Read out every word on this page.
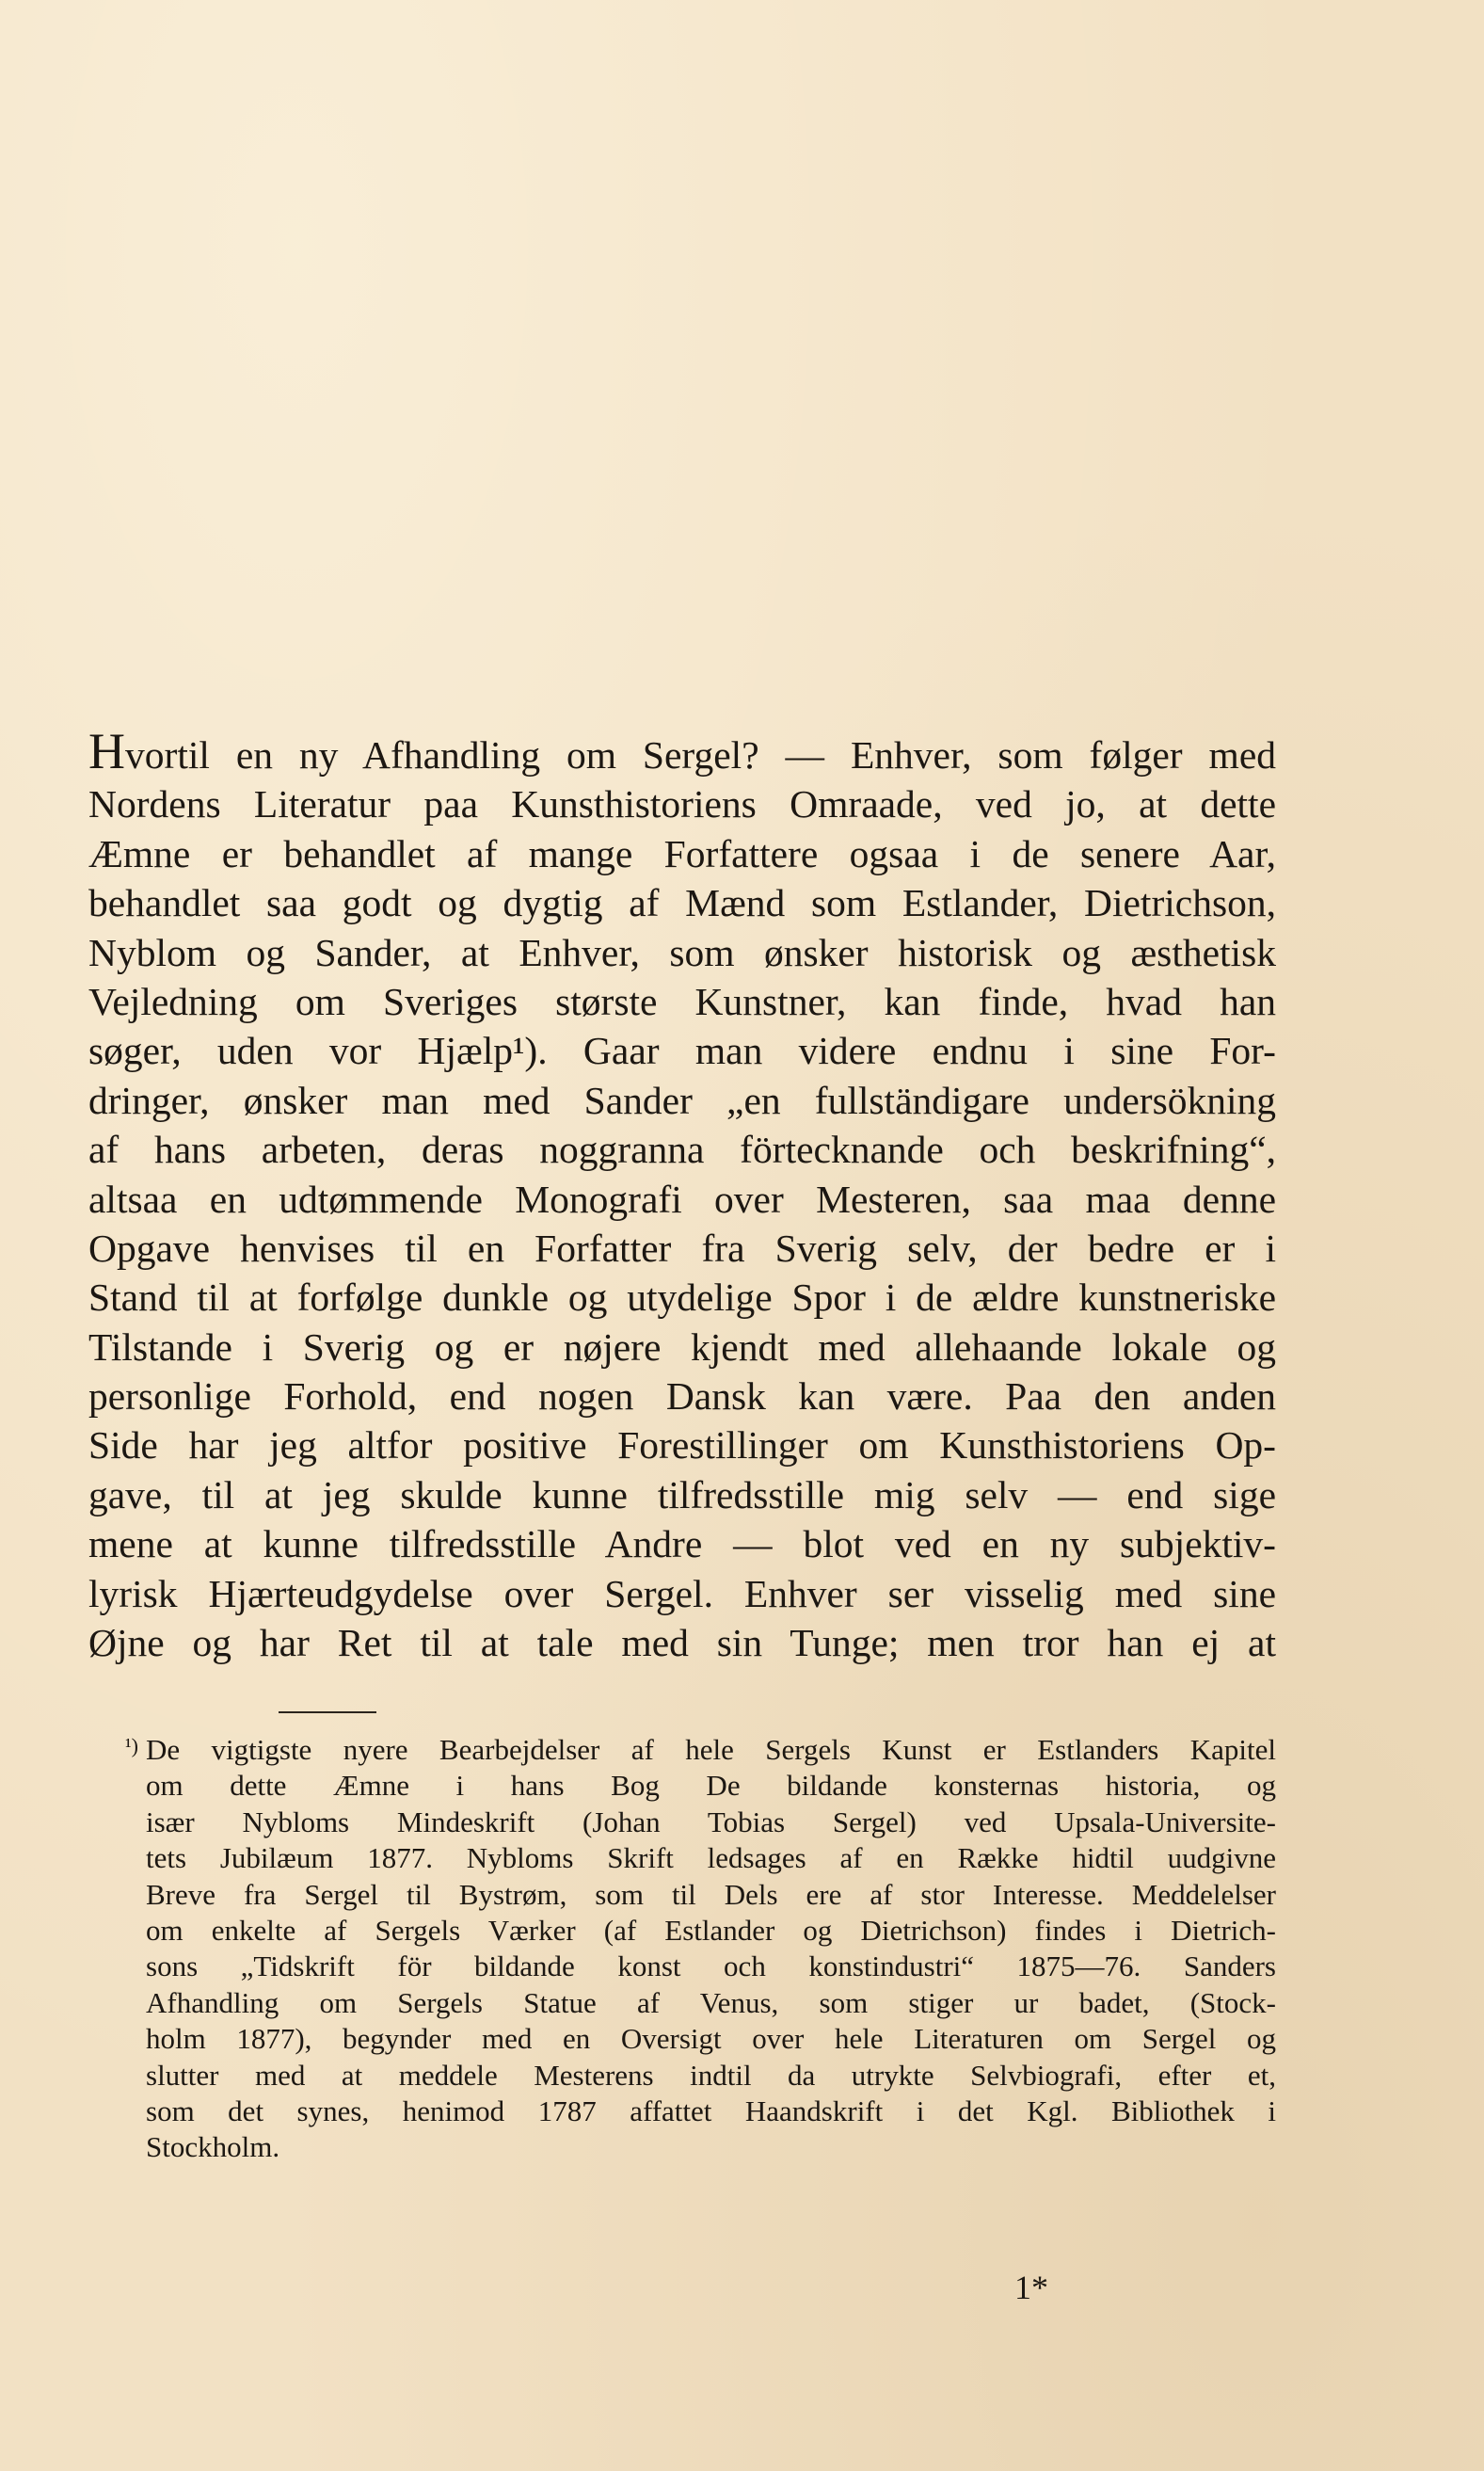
Hvortil en ny Afhandling om Sergel? — Enhver, som følger med
Nordens Literatur paa Kunsthistoriens Omraade, ved jo, at dette
Æmne er behandlet af mange Forfattere ogsaa i de senere Aar,
behandlet saa godt og dygtig af Mænd som Estlander, Dietrichson,
Nyblom og Sander, at Enhver, som ønsker historisk og æsthetisk
Vejledning om Sveriges største Kunstner, kan finde, hvad han
søger, uden vor Hjælp¹). Gaar man videre endnu i sine For-
dringer, ønsker man med Sander „en fullständigare undersökning
af hans arbeten, deras noggranna förtecknande och beskrifning“,
altsaa en udtømmende Monografi over Mesteren, saa maa denne
Opgave henvises til en Forfatter fra Sverig selv, der bedre er i
Stand til at forfølge dunkle og utydelige Spor i de ældre kunstneriske
Tilstande i Sverig og er nøjere kjendt med allehaande lokale og
personlige Forhold, end nogen Dansk kan være. Paa den anden
Side har jeg altfor positive Forestillinger om Kunsthistoriens Op-
gave, til at jeg skulde kunne tilfredsstille mig selv — end sige
mene at kunne tilfredsstille Andre — blot ved en ny subjektiv-
lyrisk Hjærteudgydelse over Sergel. Enhver ser visselig med sine
Øjne og har Ret til at tale med sin Tunge; men tror han ej at
¹) De vigtigste nyere Bearbejdelser af hele Sergels Kunst er Estlanders Kapitel
om dette Æmne i hans Bog De bildande konsternas historia, og
især Nybloms Mindeskrift (Johan Tobias Sergel) ved Upsala-Universite-
tets Jubilæum 1877. Nybloms Skrift ledsages af en Række hidtil uudgivne
Breve fra Sergel til Bystrøm, som til Dels ere af stor Interesse. Meddelelser
om enkelte af Sergels Værker (af Estlander og Dietrichson) findes i Dietrich-
sons „Tidskrift för bildande konst och konstindustri“ 1875—76. Sanders
Afhandling om Sergels Statue af Venus, som stiger ur badet, (Stock-
holm 1877), begynder med en Oversigt over hele Literaturen om Sergel og
slutter med at meddele Mesterens indtil da utrykte Selvbiografi, efter et,
som det synes, henimod 1787 affattet Haandskrift i det Kgl. Bibliothek i
Stockholm.

1*
